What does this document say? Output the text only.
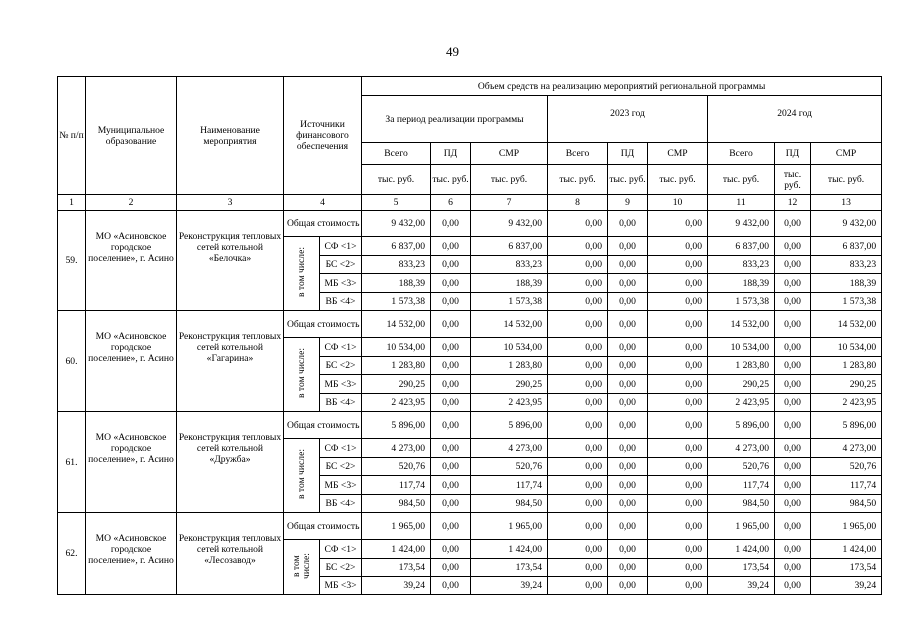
49
№ п/п	Муниципальное образование	Наименование мероприятия	Источники финансового обеспечения		Объем средств на реализацию мероприятий региональной программы								
					За период реализации программы			2023 год			2024 год		
					Всего	ПД	СМР	Всего	ПД	СМР	Всего	ПД	СМР
					тыс. руб.	тыс. руб.	тыс. руб.	тыс. руб.	тыс. руб.	тыс. руб.	тыс. руб.	тыс. руб.	тыс. руб.

1	2	3	4		5	6	7	8	9	10	11	12	13
59.	МО «Асиновское городское поселение», г. Асино	Реконструкция тепловых сетей котельной «Белочка»	Общая стоимость		9 432,00	0,00	9 432,00	0,00	0,00	0,00	9 432,00	0,00	9 432,00
			в том числе:	СФ <1>	6 837,00	0,00	6 837,00	0,00	0,00	0,00	6 837,00	0,00	6 837,00
				БС <2>	833,23	0,00	833,23	0,00	0,00	0,00	833,23	0,00	833,23
				МБ <3>	188,39	0,00	188,39	0,00	0,00	0,00	188,39	0,00	188,39
				ВБ <4>	1 573,38	0,00	1 573,38	0,00	0,00	0,00	1 573,38	0,00	1 573,38
60.	МО «Асиновское городское поселение», г. Асино	Реконструкция тепловых сетей котельной «Гагарина»	Общая стоимость		14 532,00	0,00	14 532,00	0,00	0,00	0,00	14 532,00	0,00	14 532,00
			в том числе:	СФ <1>	10 534,00	0,00	10 534,00	0,00	0,00	0,00	10 534,00	0,00	10 534,00
				БС <2>	1 283,80	0,00	1 283,80	0,00	0,00	0,00	1 283,80	0,00	1 283,80
				МБ <3>	290,25	0,00	290,25	0,00	0,00	0,00	290,25	0,00	290,25
				ВБ <4>	2 423,95	0,00	2 423,95	0,00	0,00	0,00	2 423,95	0,00	2 423,95
61.	МО «Асиновское городское поселение», г. Асино	Реконструкция тепловых сетей котельной «Дружба»	Общая стоимость		5 896,00	0,00	5 896,00	0,00	0,00	0,00	5 896,00	0,00	5 896,00
			в том числе:	СФ <1>	4 273,00	0,00	4 273,00	0,00	0,00	0,00	4 273,00	0,00	4 273,00
				БС <2>	520,76	0,00	520,76	0,00	0,00	0,00	520,76	0,00	520,76
				МБ <3>	117,74	0,00	117,74	0,00	0,00	0,00	117,74	0,00	117,74
				ВБ <4>	984,50	0,00	984,50	0,00	0,00	0,00	984,50	0,00	984,50
62.	МО «Асиновское городское поселение», г. Асино	Реконструкция тепловых сетей котельной «Лесозавод»	Общая стоимость		1 965,00	0,00	1 965,00	0,00	0,00	0,00	1 965,00	0,00	1 965,00
			в том числе:	СФ <1>	1 424,00	0,00	1 424,00	0,00	0,00	0,00	1 424,00	0,00	1 424,00
				БС <2>	173,54	0,00	173,54	0,00	0,00	0,00	173,54	0,00	173,54
				МБ <3>	39,24	0,00	39,24	0,00	0,00	0,00	39,24	0,00	39,24
